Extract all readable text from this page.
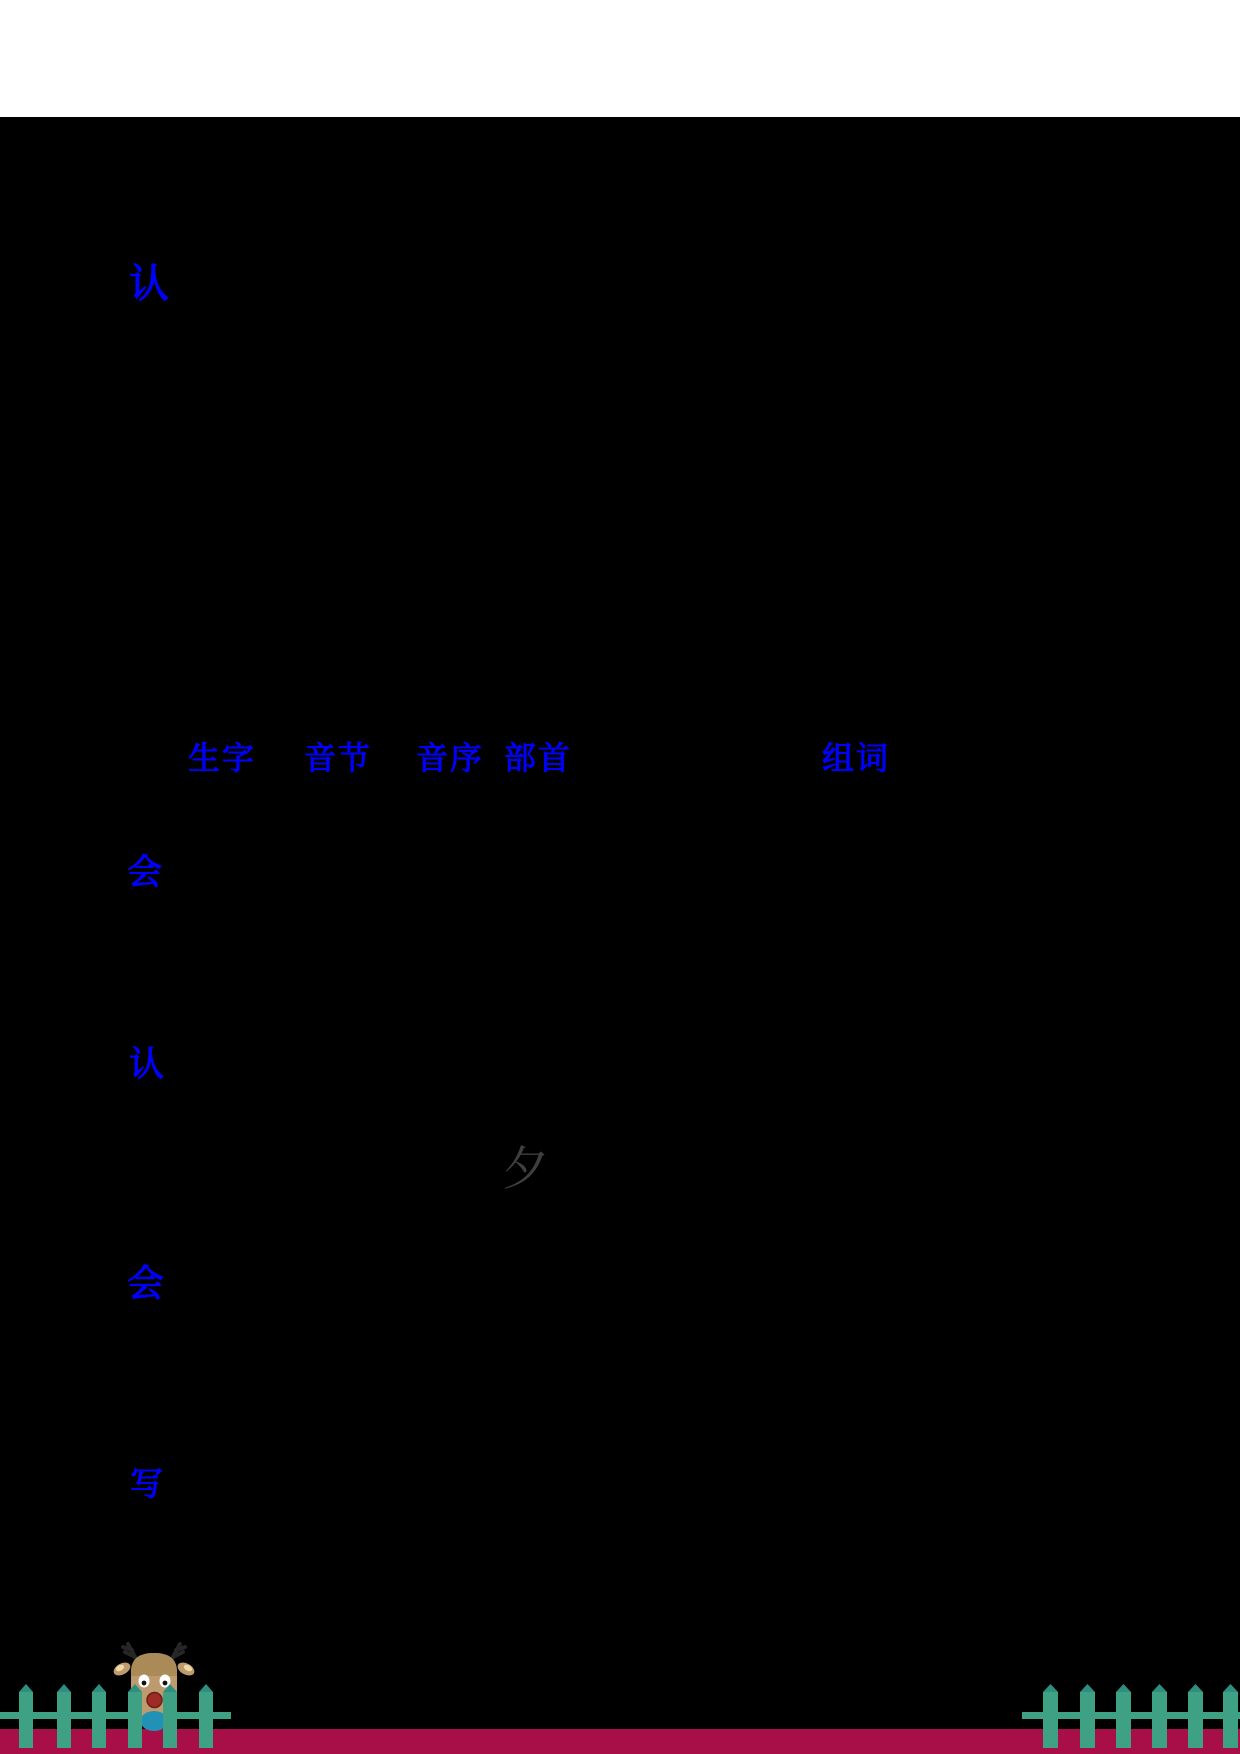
认
会
认
会
写
生字 音节 音序 部首	组词
夕
